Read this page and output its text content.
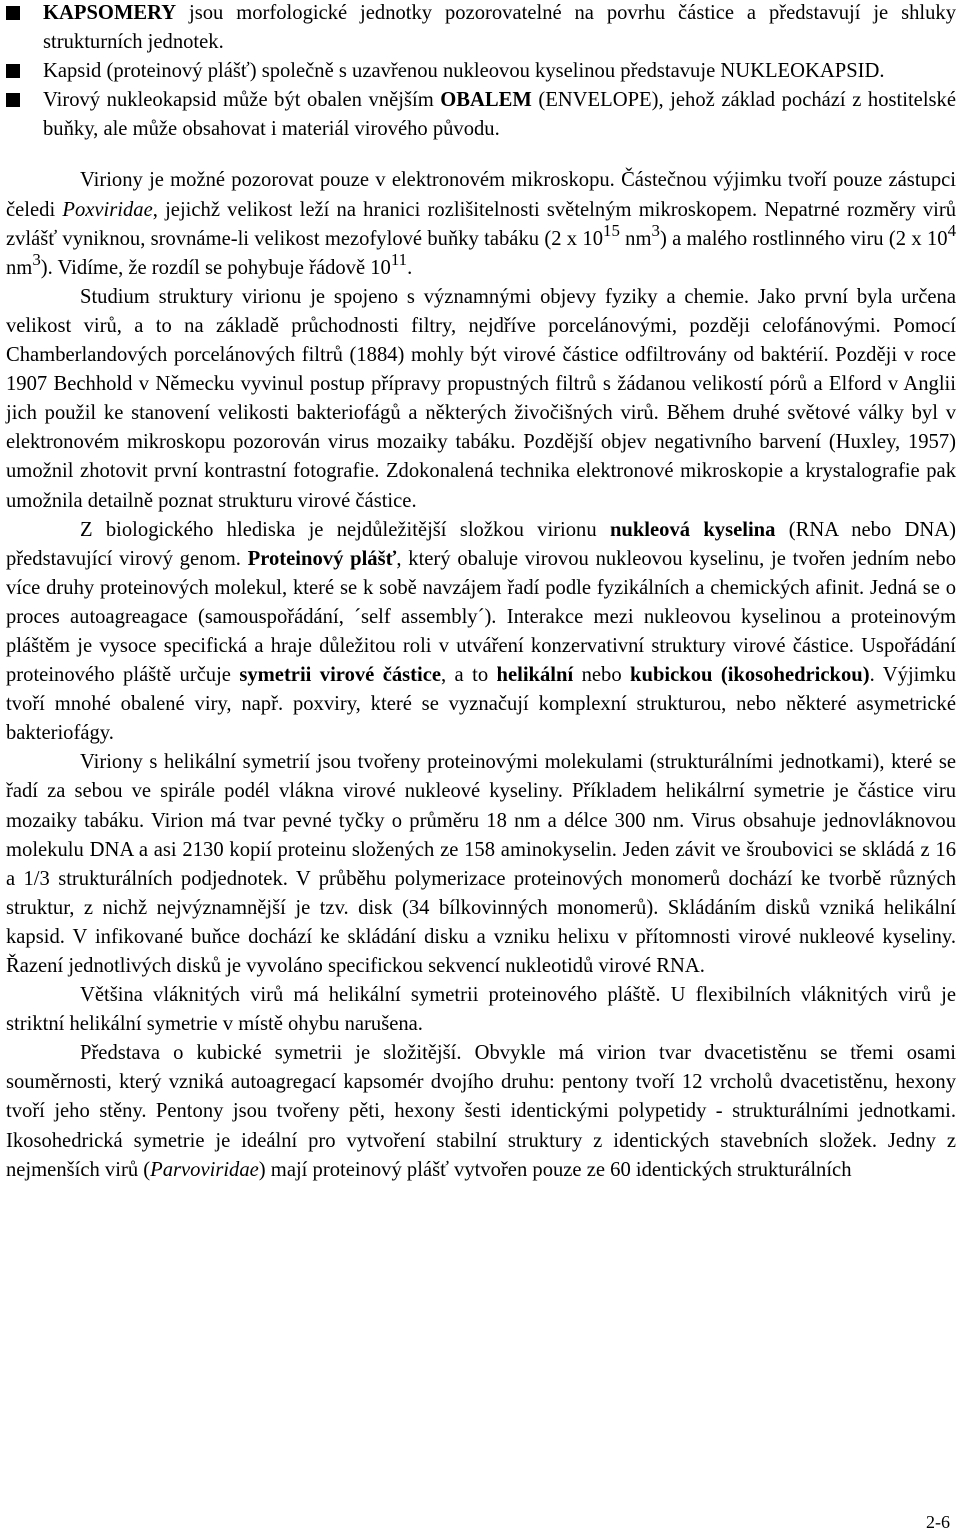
KAPSOMERY jsou morfologické jednotky pozorovatelné na povrhu částice a představují je shluky strukturních jednotek.
Kapsid (proteinový plášť) společně s uzavřenou nukleovou kyselinou představuje NUKLEOKAPSID.
Virový nukleokapsid může být obalen vnějším OBALEM (ENVELOPE), jehož základ pochází z hostitelské buňky, ale může obsahovat i materiál virového původu.

Viriony je možné pozorovat pouze v elektronovém mikroskopu. Částečnou výjimku tvoří pouze zástupci čeledi Poxviridae, jejichž velikost leží na hranici rozlišitelnosti světelným mikroskopem. Nepatrné rozměry virů zvlášť vyniknou, srovnáme-li velikost mezofylové buňky tabáku (2 x $10^{15}$ $nm^3$) a malého rostlinného viru (2 x $10^4$ $nm^3$). Vidíme, že rozdíl se pohybuje řádově $10^{11}$.

Studium struktury virionu je spojeno s významnými objevy fyziky a chemie. Jako první byla určena velikost virů, a to na základě průchodnosti filtry, nejdříve porcelánovými, později celofánovými. Pomocí Chamberlandových porcelánových filtrů (1884) mohly být virové částice odfiltrovány od baktérií. Později v roce 1907 Bechhold v Německu vyvinul postup přípravy propustných filtrů s žádanou velikostí pórů a Elford v Anglii jich použil ke stanovení velikosti bakteriofágů a některých živočišných virů. Během druhé světové války byl v elektronovém mikroskopu pozorován virus mozaiky tabáku. Pozdější objev negativního barvení (Huxley, 1957) umožnil zhotovit první kontrastní fotografie. Zdokonalená technika elektronové mikroskopie a krystalografie pak umožnila detailně poznat strukturu virové částice.

Z biologického hlediska je nejdůležitější složkou virionu nukleová kyselina (RNA nebo DNA) představující virový genom. Proteinový plášť, který obaluje virovou nukleovou kyselinu, je tvořen jedním nebo více druhy proteinových molekul, které se k sobě navzájem řadí podle fyzikálních a chemických afinit. Jedná se o proces autoagreagace (samouspořádání, ´self assembly´). Interakce mezi nukleovou kyselinou a proteinovým pláštěm je vysoce specifická a hraje důležitou roli v utváření konzervativní struktury virové částice. Uspořádání proteinového pláště určuje symetrii virové částice, a to helikální nebo kubickou (ikosohedrickou). Výjimku tvoří mnohé obalené viry, např. poxviry, které se vyznačují komplexní strukturou, nebo některé asymetrické bakteriofágy.

Viriony s helikální symetrií jsou tvořeny proteinovými molekulami (strukturálními jednotkami), které se řadí za sebou ve spirále podél vlákna virové nukleové kyseliny. Příkladem helikálrní symetrie je částice viru mozaiky tabáku. Virion má tvar pevné tyčky o průměru 18 nm a délce 300 nm. Virus obsahuje jednovláknovou molekulu DNA a asi 2130 kopií proteinu složených ze 158 aminokyselin. Jeden závit ve šroubovici se skládá z 16 a 1/3 strukturálních podjednotek. V průběhu polymerizace proteinových monomerů dochází ke tvorbě různých struktur, z nichž nejvýznamnější je tzv. disk (34 bílkovinných monomerů). Skládáním disků vzniká helikální kapsid. V infikované buňce dochází ke skládání disku a vzniku helixu v přítomnosti virové nukleové kyseliny. Řazení jednotlivých disků je vyvoláno specifickou sekvencí nukleotidů virové RNA.

Většina vláknitých virů má helikální symetrii proteinového pláště. U flexibilních vláknitých virů je striktní helikální symetrie v místě ohybu narušena.

Představa o kubické symetrii je složitější. Obvykle má virion tvar dvacetistěnu se třemi osami souměrnosti, který vzniká autoagregací kapsomér dvojího druhu: pentony tvoří 12 vrcholů dvacetistěnu, hexony tvoří jeho stěny. Pentony jsou tvořeny pěti, hexony šesti identickými polypetidy - strukturálními jednotkami. Ikosohedrická symetrie je ideální pro vytvoření stabilní struktury z identických stavebních složek. Jedny z nejmenších virů (Parvoviridae) mají proteinový plášť vytvořen pouze ze 60 identických strukturálních

2-6
